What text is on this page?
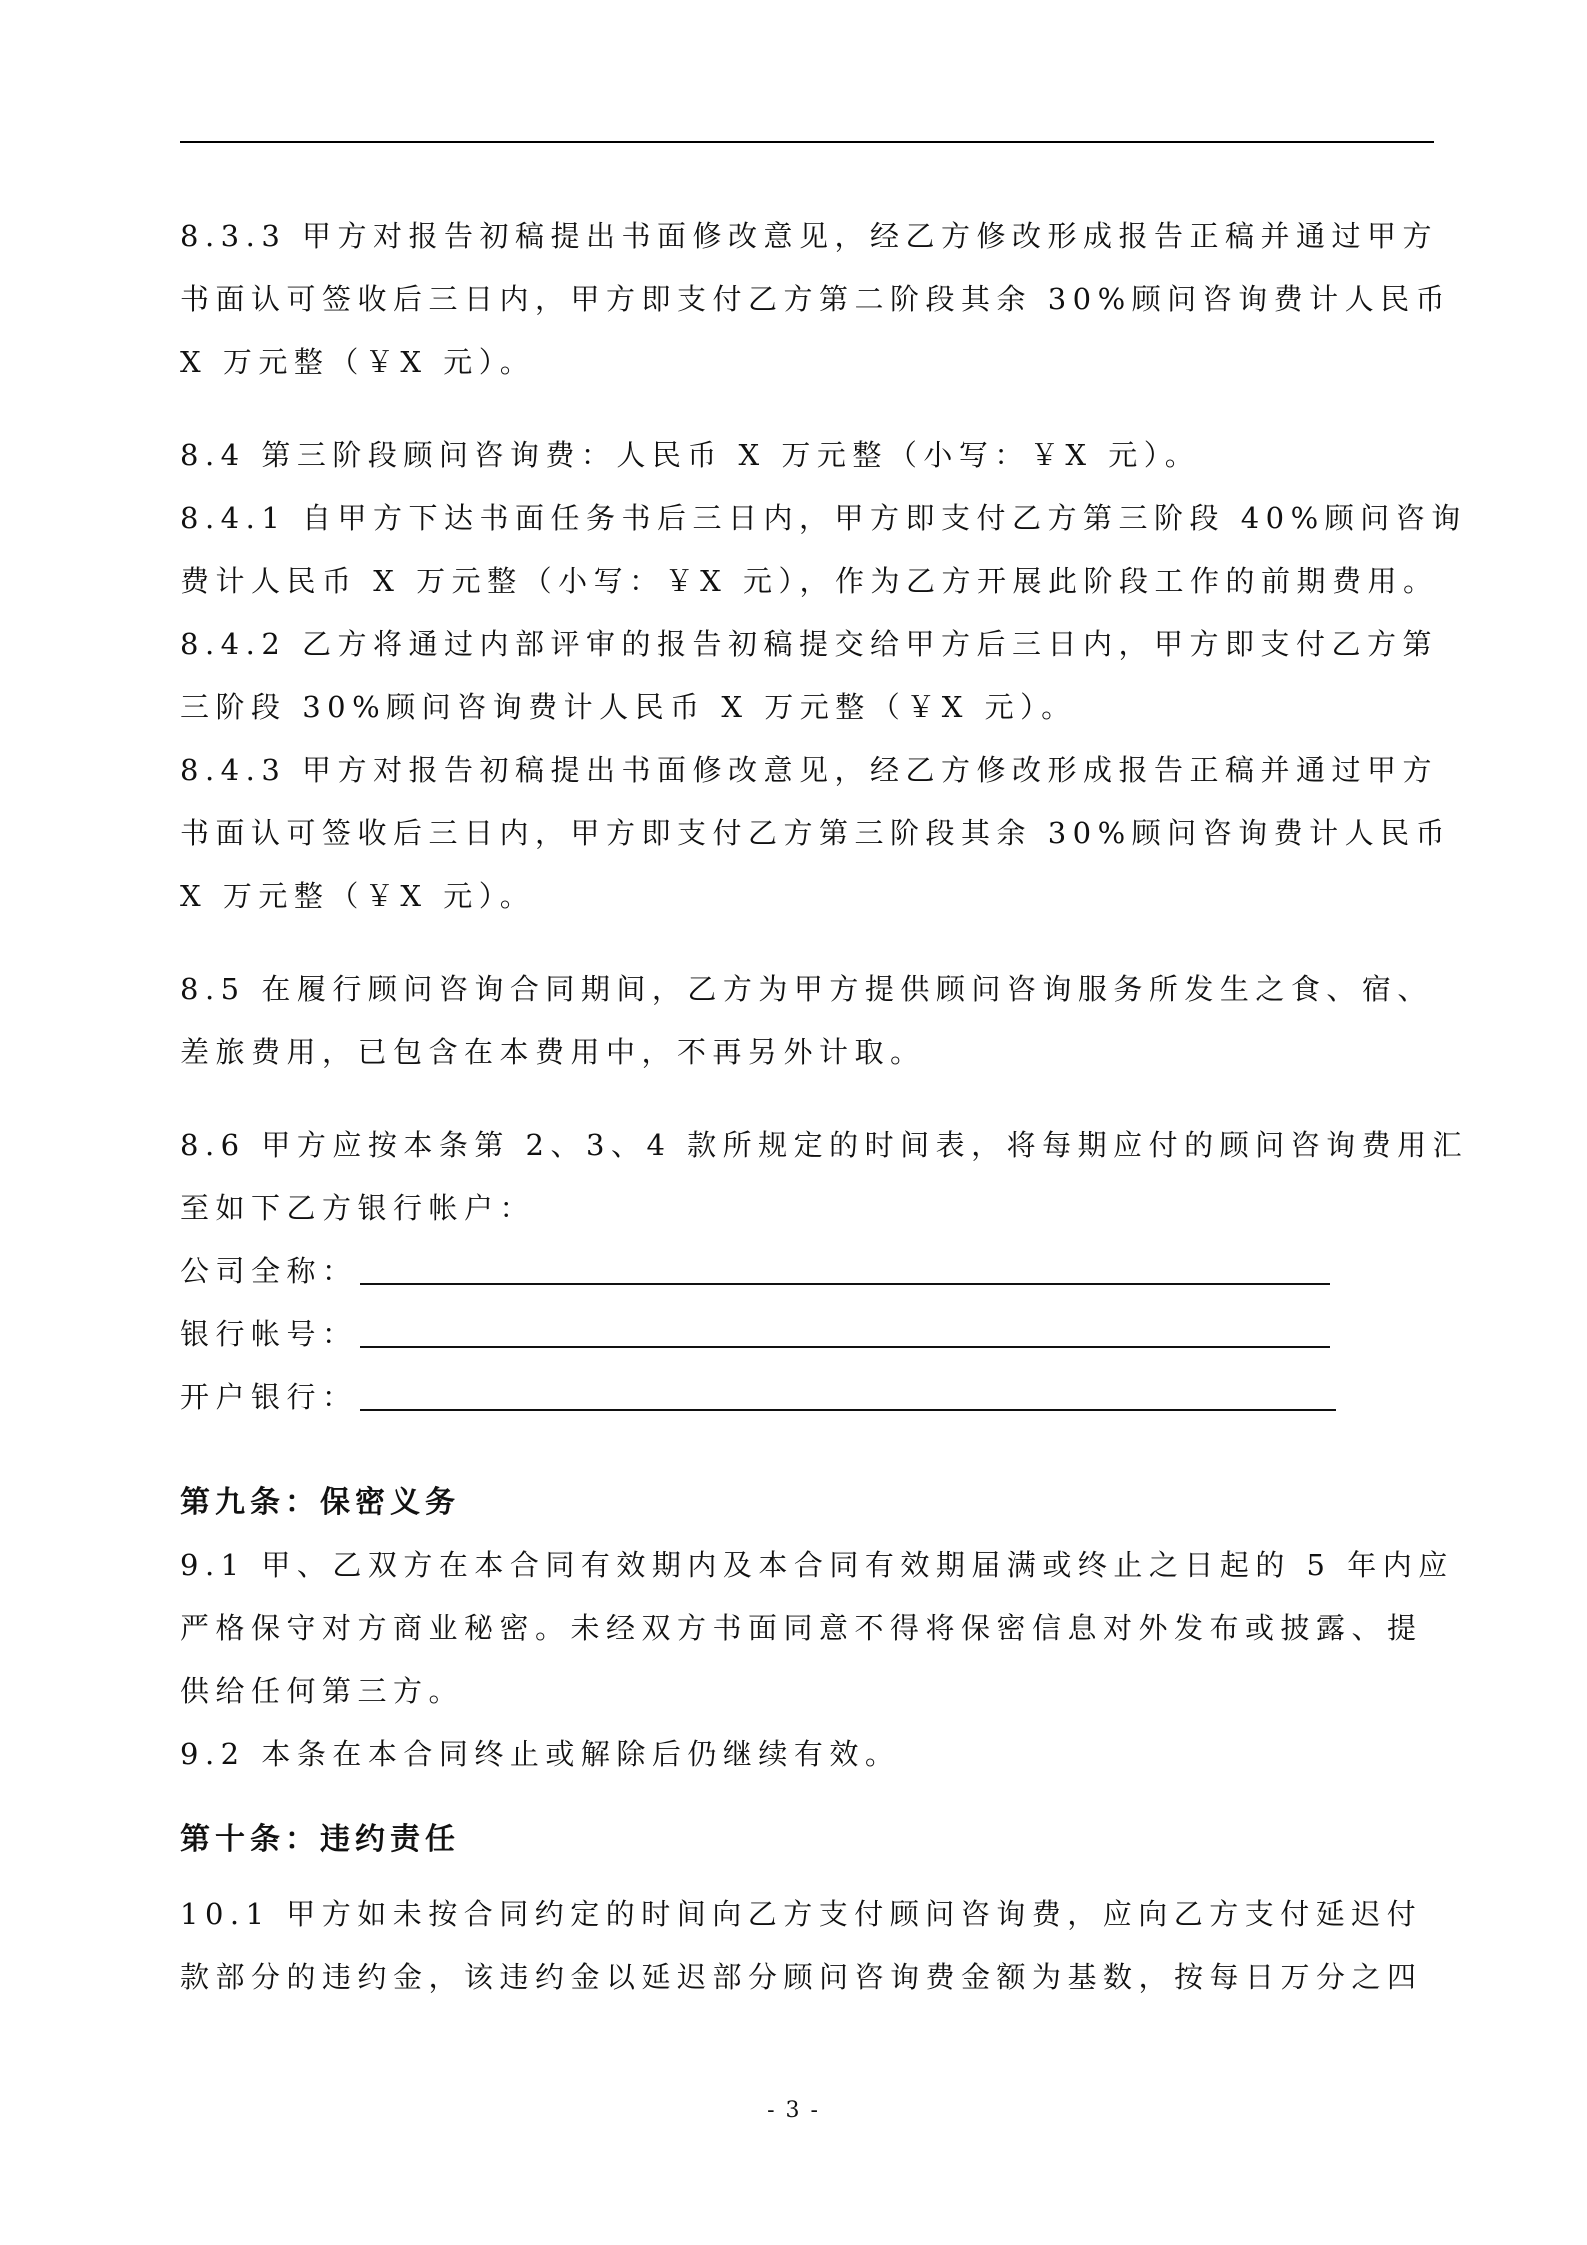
8.3.3 甲方对报告初稿提出书面修改意见，经乙方修改形成报告正稿并通过甲方

书面认可签收后三日内，甲方即支付乙方第二阶段其余 30%顾问咨询费计人民币

X 万元整（￥X 元）。

8.4 第三阶段顾问咨询费：人民币 X 万元整（小写：￥X 元）。

8.4.1 自甲方下达书面任务书后三日内，甲方即支付乙方第三阶段 40%顾问咨询

费计人民币 X 万元整（小写：￥X 元），作为乙方开展此阶段工作的前期费用。

8.4.2 乙方将通过内部评审的报告初稿提交给甲方后三日内，甲方即支付乙方第

三阶段 30%顾问咨询费计人民币 X 万元整（￥X 元）。

8.4.3 甲方对报告初稿提出书面修改意见，经乙方修改形成报告正稿并通过甲方

书面认可签收后三日内，甲方即支付乙方第三阶段其余 30%顾问咨询费计人民币

X 万元整（￥X 元）。

8.5 在履行顾问咨询合同期间，乙方为甲方提供顾问咨询服务所发生之食、宿、

差旅费用，已包含在本费用中，不再另外计取。

8.6 甲方应按本条第 2、3、4 款所规定的时间表，将每期应付的顾问咨询费用汇

至如下乙方银行帐户：

公司全称：
银行帐号：
开户银行：

第九条：保密义务

9.1 甲、乙双方在本合同有效期内及本合同有效期届满或终止之日起的 5 年内应

严格保守对方商业秘密。未经双方书面同意不得将保密信息对外发布或披露、提

供给任何第三方。

9.2 本条在本合同终止或解除后仍继续有效。

第十条：违约责任

10.1 甲方如未按合同约定的时间向乙方支付顾问咨询费，应向乙方支付延迟付

款部分的违约金，该违约金以延迟部分顾问咨询费金额为基数，按每日万分之四

- 3 -
